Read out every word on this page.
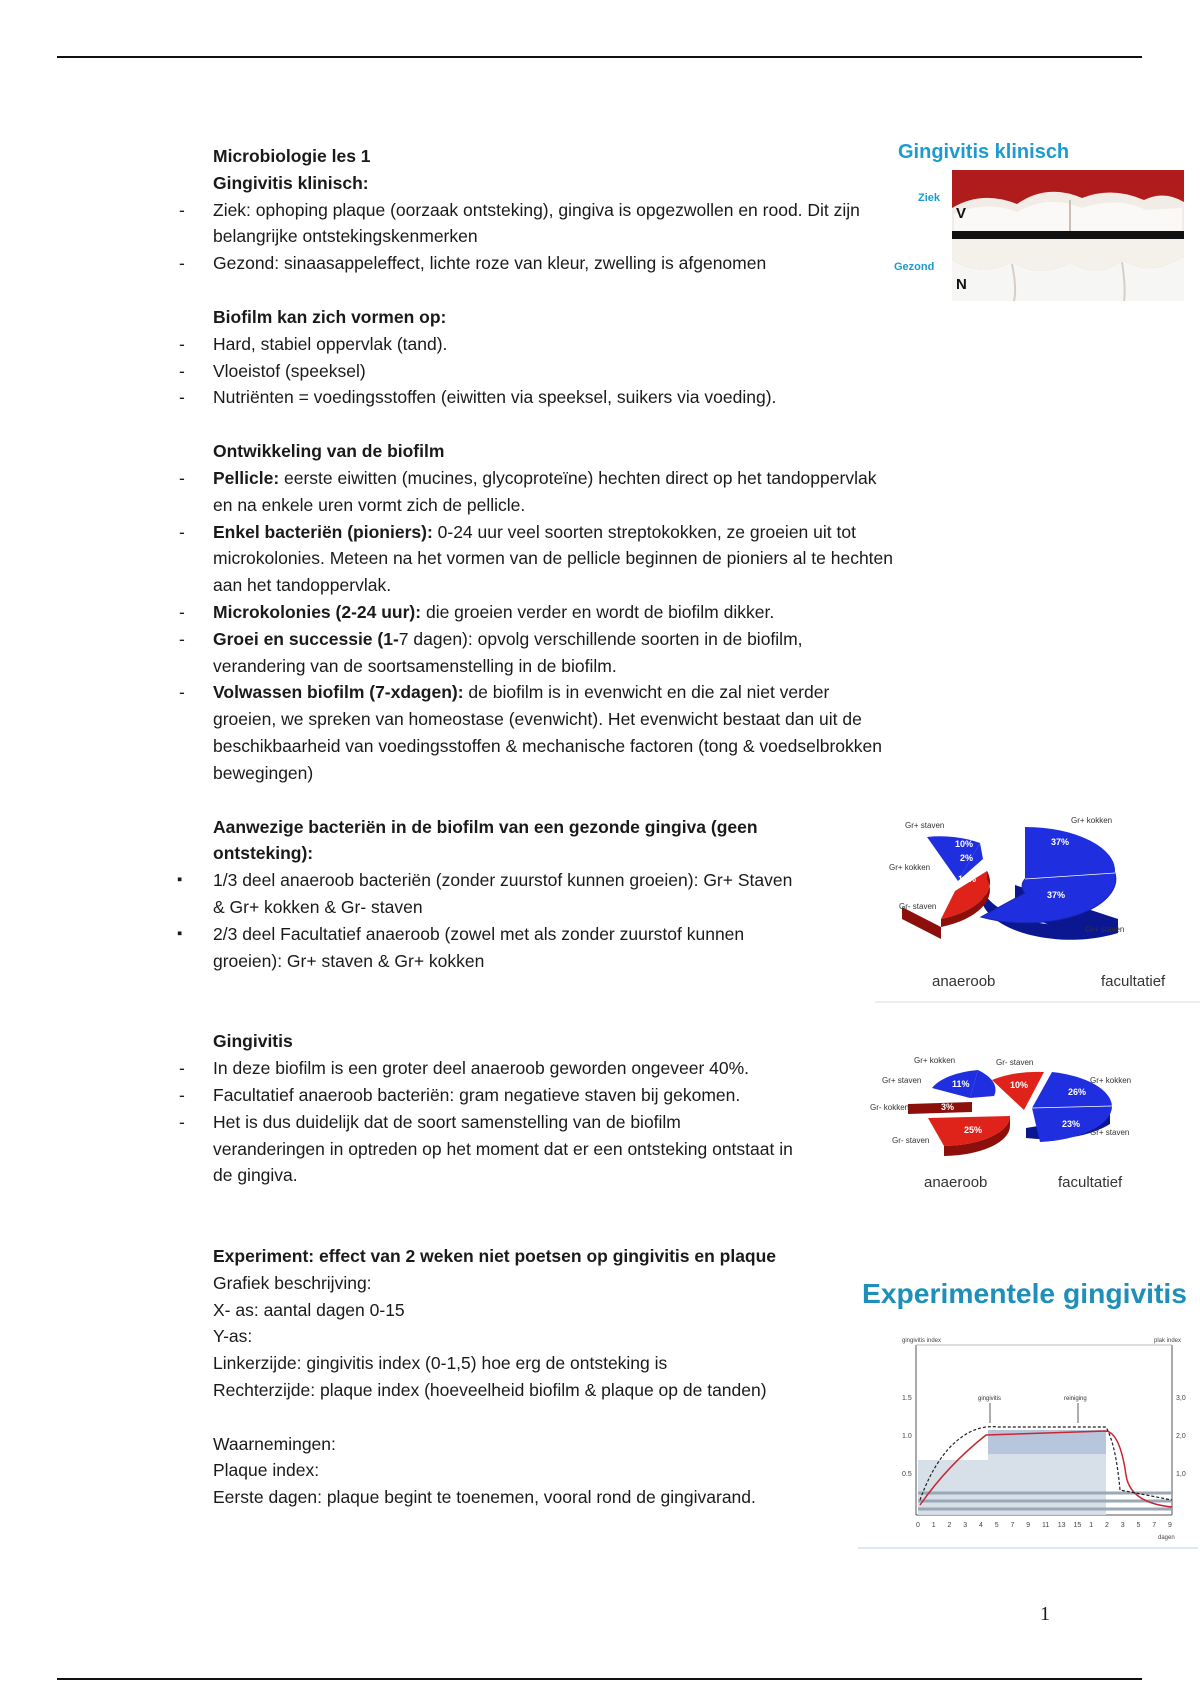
Microbiologie les 1
Gingivitis klinisch:
- Ziek: ophoping plaque (oorzaak ontsteking), gingiva is opgezwollen en rood. Dit zijn belangrijke ontstekingskenmerken
- Gezond: sinaasappeleffect, lichte roze van kleur, zwelling is afgenomen
Biofilm kan zich vormen op:
- Hard, stabiel oppervlak (tand).
- Vloeistof (speeksel)
- Nutriënten = voedingsstoffen (eiwitten via speeksel, suikers via voeding).
Ontwikkeling van de biofilm
- Pellicle: eerste eiwitten (mucines, glycoproteïne) hechten direct op het tandoppervlak en na enkele uren vormt zich de pellicle.
- Enkel bacteriën (pioniers): 0-24 uur veel soorten streptokokken, ze groeien uit tot microkolonies. Meteen na het vormen van de pellicle beginnen de pioniers al te hechten aan het tandoppervlak.
- Microkolonies (2-24 uur): die groeien verder en wordt de biofilm dikker.
- Groei en successie (1-7 dagen): opvolg verschillende soorten in de biofilm, verandering van de soortsamenstelling in de biofilm.
- Volwassen biofilm (7-xdagen): de biofilm is in evenwicht en die zal niet verder groeien, we spreken van homeostase (evenwicht). Het evenwicht bestaat dan uit de beschikbaarheid van voedingsstoffen & mechanische factoren (tong & voedselbrokken bewegingen)
Aanwezige bacteriën in de biofilm van een gezonde gingiva (geen ontsteking):
▪ 1/3 deel anaeroob bacteriën (zonder zuurstof kunnen groeien): Gr+ Staven & Gr+ kokken & Gr- staven
▪ 2/3 deel Facultatief anaeroob (zowel met als zonder zuurstof kunnen groeien): Gr+ staven & Gr+ kokken
Gingivitis
- In deze biofilm is een groter deel anaeroob geworden ongeveer 40%.
- Facultatief anaeroob bacteriën: gram negatieve staven bij gekomen.
- Het is dus duidelijk dat de soort samenstelling van de biofilm veranderingen in optreden op het moment dat er een ontsteking ontstaat in de gingiva.
Experiment: effect van 2 weken niet poetsen op gingivitis en plaque
Grafiek beschrijving:
X- as: aantal dagen 0-15
Y-as:
Linkerzijde: gingivitis index (0-1,5) hoe erg de ontsteking is
Rechterzijde: plaque index (hoeveelheid biofilm & plaque op de tanden)
Waarnemingen:
Plaque index:
Eerste dagen: plaque begint te toenemen, vooral rond de gingivarand.
Gingivitis klinisch
Ziek
Gezond
V
N
10%
2%
13%
37%
37%
Gr+ staven
Gr+ kokken
Gr- staven
Gr+ kokken
Gr+ staven
anaeroob	facultatief
11%
3%
25%
10%
26%
23%
Gr+ kokken
Gr+ staven
Gr- kokken
Gr- staven
Gr- staven
Gr+ kokken
Gr+ staven
anaeroob	facultatief
Experimentele gingivitis
gingivitis index	plak index
0.5
1.0
1.5
1,0
2,0
3,0
gingivitis	reiniging
0 1 2 3 4 5 7 9 11 13 15 1 2 3 5 7 9
dagen
1
